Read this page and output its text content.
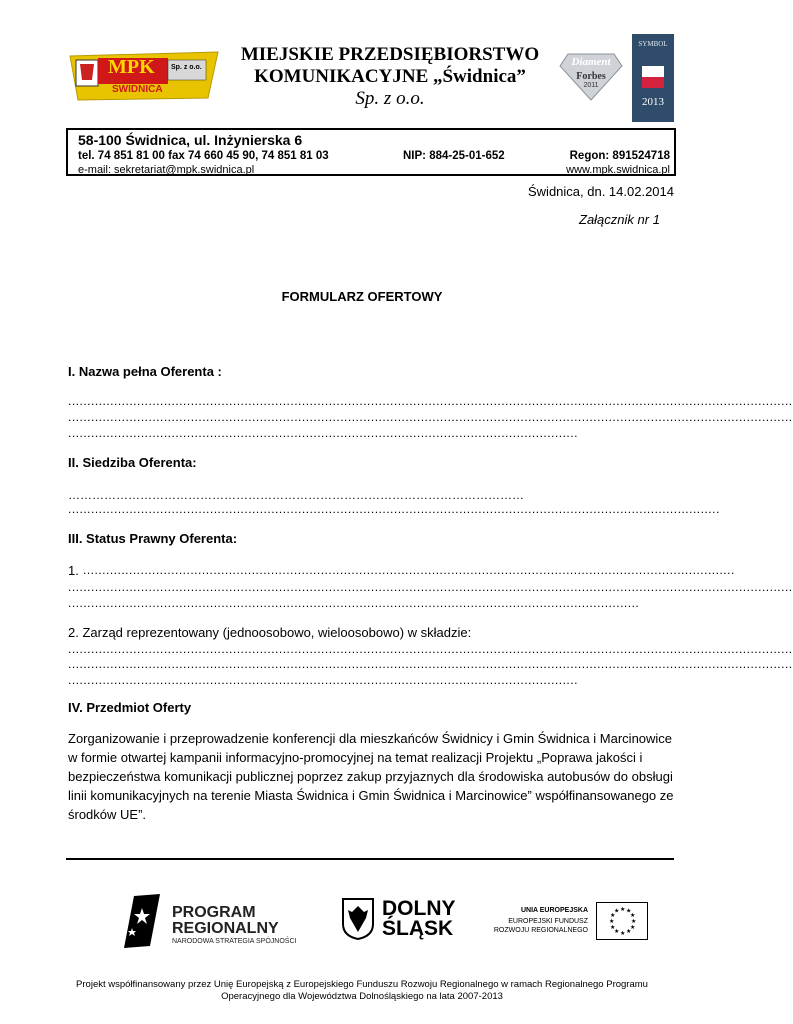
MPK Sp. z o.o.
ŚWIDNICA
MIEJSKIE PRZEDSIĘBIORSTWO
KOMUNIKACYJNE „Świdnica”
Sp. z o.o.
Diament
Forbes
2011
SYMBOL
2013
58-100 Świdnica, ul. Inżynierska 6
tel. 74 851 81 00 fax 74 660 45 90, 74 851 81 03	NIP: 884-25-01-652	Regon: 891524718
e-mail: sekretariat@mpk.swidnica.pl	www.mpk.swidnica.pl
Świdnica, dn. 14.02.2014
Załącznik nr 1
FORMULARZ OFERTOWY
I. Nazwa pełna Oferenta :
.............................................................................................................................................................................................
.............................................................................................................................................................................................
.....................................................................................................................................
II. Siedziba Oferenta:
……………………………………………………………………………………………………
..........................................................................................................................................................................
III. Status Prawny Oferenta:
1. ..........................................................................................................................................................................
.............................................................................................................................................................................................
.....................................................................................................................................................
2. Zarząd reprezentowany (jednoosobowo, wieloosobowo) w składzie:
.............................................................................................................................................................................................
.............................................................................................................................................................................................
.....................................................................................................................................
IV. Przedmiot Oferty
Zorganizowanie i przeprowadzenie konferencji dla mieszkańców Świdnicy i Gmin Świdnica i Marcinowice w formie otwartej kampanii informacyjno-promocyjnej na temat realizacji Projektu „Poprawa jakości i bezpieczeństwa komunikacji publicznej poprzez zakup przyjaznych dla środowiska autobusów do obsługi linii komunikacyjnych na terenie Miasta Świdnica i Gmin Świdnica i Marcinowice” współfinansowanego ze środków UE”.
PROGRAM
REGIONALNY
NARODOWA STRATEGIA SPÓJNOŚCI
DOLNY
ŚLĄSK
UNIA EUROPEJSKA
EUROPEJSKI FUNDUSZ
ROZWOJU REGIONALNEGO
★ ★
★
★
★
★
★
★
★
★
★
★
Projekt współfinansowany przez Unię Europejską z Europejskiego Funduszu Rozwoju Regionalnego w ramach Regionalnego Programu
Operacyjnego dla Województwa Dolnośląskiego na lata 2007-2013
